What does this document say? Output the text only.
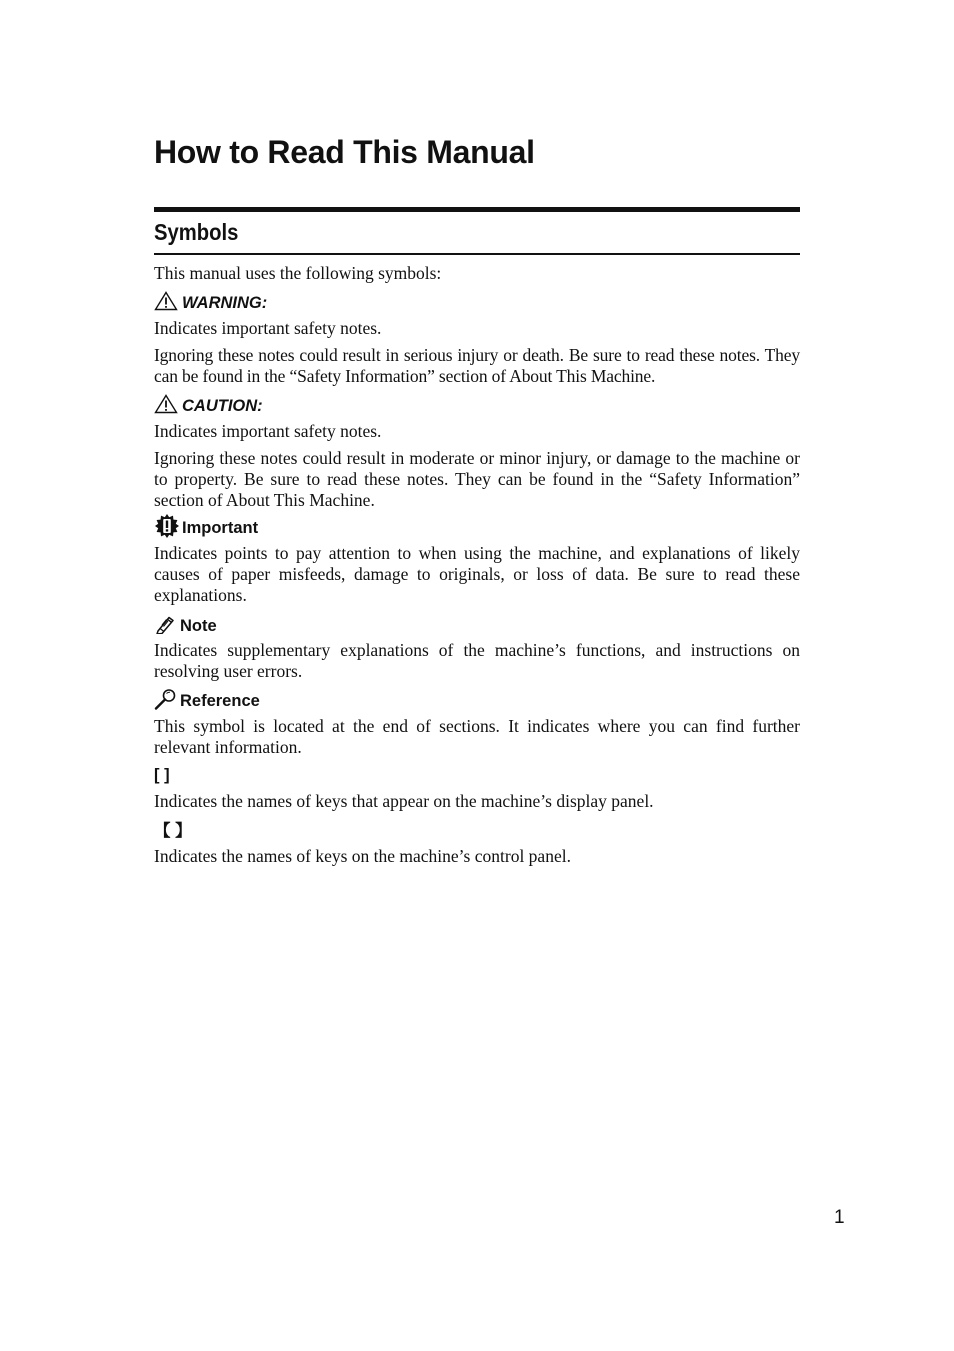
How to Read This Manual
Symbols

This manual uses the following symbols:

WARNING:

Indicates important safety notes.

Ignoring these notes could result in serious injury or death. Be sure to read these notes. They can be found in the “Safety Information” section of About This Machine.

CAUTION:

Indicates important safety notes.

Ignoring these notes could result in moderate or minor injury, or damage to the machine or to property. Be sure to read these notes. They can be found in the “Safety Information” section of About This Machine.

Important

Indicates points to pay attention to when using the machine, and explanations of likely causes of paper misfeeds, damage to originals, or loss of data. Be sure to read these explanations.

Note

Indicates supplementary explanations of the machine’s functions, and instructions on resolving user errors.

Reference

This symbol is located at the end of sections. It indicates where you can find further relevant information.

[ ]

Indicates the names of keys that appear on the machine’s display panel.

【 】

Indicates the names of keys on the machine’s control panel.

1
